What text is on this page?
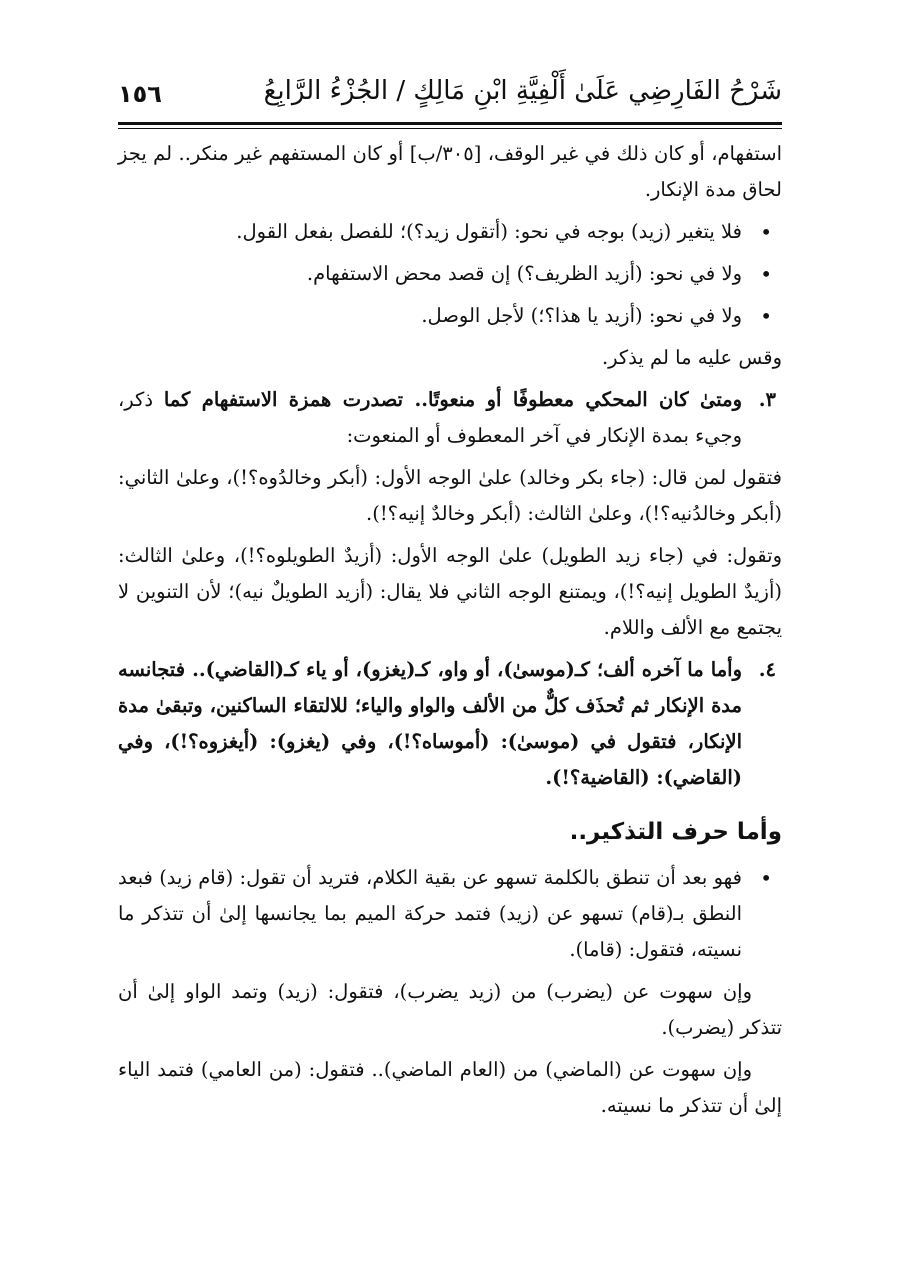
شَرْحُ الفَارِضِي عَلَىٰ أَلْفِيَّةِ ابْنِ مَالِكٍ / الجُزْءُ الرَّابِعُ
١٥٦

استفهام، أو كان ذلك في غير الوقف، [٣٠٥/ب] أو كان المستفهم غير منكر.. لم يجز لحاق مدة الإنكار.

• فلا يتغير (زيد) بوجه في نحو: (أتقول زيد؟)؛ للفصل بفعل القول.

• ولا في نحو: (أزيد الظريف؟) إن قصد محض الاستفهام.

• ولا في نحو: (أزيد يا هذا؟؛) لأجل الوصل.

وقس عليه ما لم يذكر.

٣.
ومتىٰ كان المحكي معطوفًا أو منعوتًا.. تصدرت همزة الاستفهام كما ذكر، وجيء بمدة الإنكار في آخر المعطوف أو المنعوت:

فتقول لمن قال: (جاء بكر وخالد) علىٰ الوجه الأول: (أبكر وخالدُوه؟!)، وعلىٰ الثاني: (أبكر وخالدُنيه؟!)، وعلىٰ الثالث: (أبكر وخالدٌ إنيه؟!).

وتقول: في (جاء زيد الطويل) علىٰ الوجه الأول: (أزيدٌ الطويلوه؟!)، وعلىٰ الثالث: (أزيدٌ الطويل إنيه؟!)، ويمتنع الوجه الثاني فلا يقال: (أزيد الطويلٌ نيه)؛ لأن التنوين لا يجتمع مع الألف واللام.

٤.
وأما ما آخره ألف؛ كـ(موسىٰ)، أو واو، كـ(يغزو)، أو ياء كـ(القاضي).. فتجانسه مدة الإنكار ثم تُحذَف كلٌّ من الألف والواو والياء؛ للالتقاء الساكنين، وتبقىٰ مدة الإنكار، فتقول في (موسىٰ): (أموساه؟!)، وفي (يغزو): (أيغزوه؟!)، وفي (القاضي): (القاضية؟!).
وأما حرف التذكير..

• فهو بعد أن تنطق بالكلمة تسهو عن بقية الكلام، فتريد أن تقول: (قام زيد) فبعد النطق بـ(قام) تسهو عن (زيد) فتمد حركة الميم بما يجانسها إلىٰ أن تتذكر ما نسيته، فتقول: (قاما).

وإن سهوت عن (يضرب) من (زيد يضرب)، فتقول: (زيد) وتمد الواو إلىٰ أن تتذكر (يضرب).

وإن سهوت عن (الماضي) من (العام الماضي).. فتقول: (من العامي) فتمد الياء إلىٰ أن تتذكر ما نسيته.
